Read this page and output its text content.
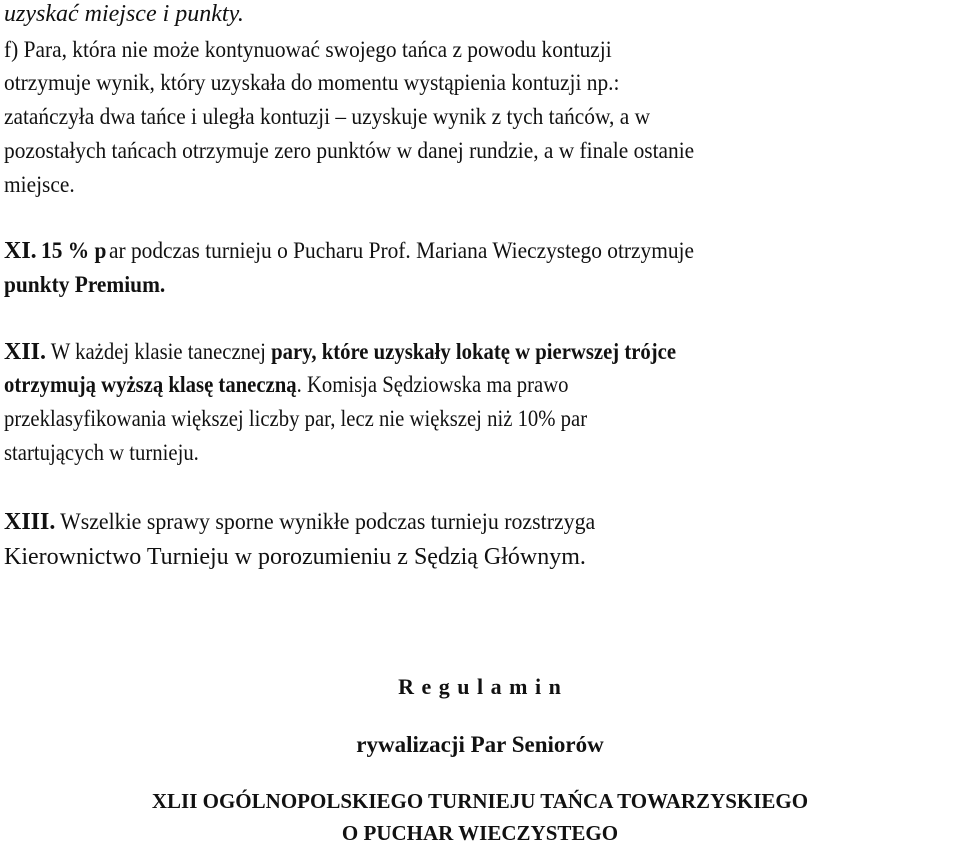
uzyskać miejsce i punkty.
f) Para, która nie może kontynuować swojego tańca z powodu kontuzji
otrzymuje wynik, który uzyskała do momentu wystąpienia kontuzji np.:
zatańczyła dwa tańce i uległa kontuzji – uzyskuje wynik z tych tańców, a w
pozostałych tańcach otrzymuje zero punktów w danej rundzie, a w finale ostanie
miejsce.
XI. 15 % p ar podczas turnieju o Pucharu Prof. Mariana Wieczystego otrzymuje
punkty Premium.
XII. W każdej klasie tanecznej pary, które uzyskały lokatę w pierwszej trójce
otrzymują wyższą klasę taneczną. Komisja Sędziowska ma prawo
przeklasyfikowania większej liczby par, lecz nie większej niż 10% par
startujących w turnieju.
XIII. Wszelkie sprawy sporne wynikłe podczas turnieju rozstrzyga
Kierownictwo Turnieju w porozumieniu z Sędzią Głównym.
R e g u l a m i n
rywalizacji Par Seniorów
XLII OGÓLNOPOLSKIEGO TURNIEJU TAŃCA TOWARZYSKIEGO
O PUCHAR WIECZYSTEGO
